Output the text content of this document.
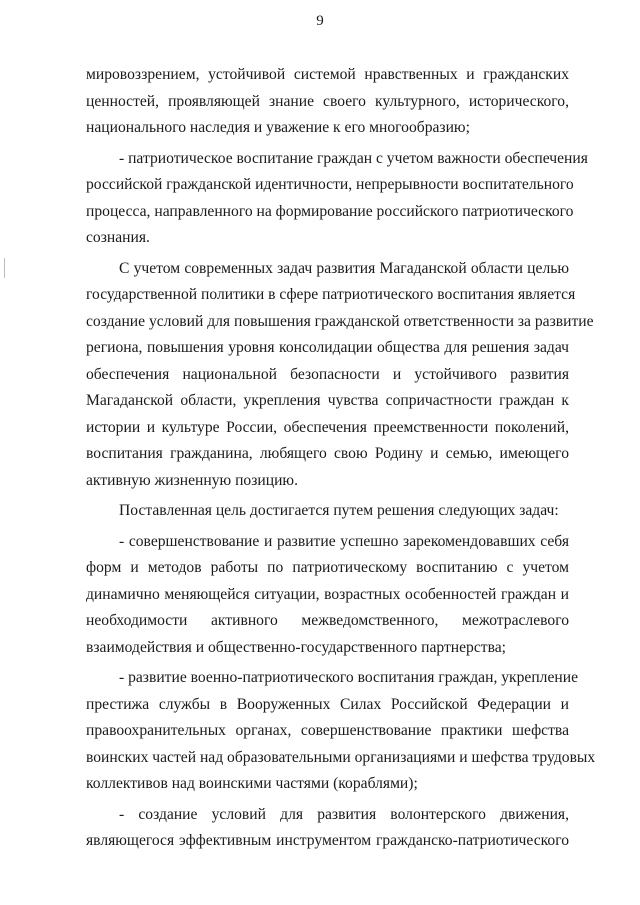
9
мировоззрением, устойчивой системой нравственных и гражданских
ценностей, проявляющей знание своего культурного, исторического,
национального наследия и уважение к его многообразию;
- патриотическое воспитание граждан с учетом важности обеспечения
российской гражданской идентичности, непрерывности воспитательного
процесса, направленного на формирование российского патриотического
сознания.
С учетом современных задач развития Магаданской области целью
государственной политики в сфере патриотического воспитания является
создание условий для повышения гражданской ответственности за развитие
региона, повышения уровня консолидации общества для решения задач
обеспечения национальной безопасности и устойчивого развития
Магаданской области, укрепления чувства сопричастности граждан к
истории и культуре России, обеспечения преемственности поколений,
воспитания гражданина, любящего свою Родину и семью, имеющего
активную жизненную позицию.
Поставленная цель достигается путем решения следующих задач:
- совершенствование и развитие успешно зарекомендовавших себя
форм и методов работы по патриотическому воспитанию с учетом
динамично меняющейся ситуации, возрастных особенностей граждан и
необходимости активного межведомственного, межотраслевого
взаимодействия и общественно-государственного партнерства;
- развитие военно-патриотического воспитания граждан, укрепление
престижа службы в Вооруженных Силах Российской Федерации и
правоохранительных органах, совершенствование практики шефства
воинских частей над образовательными организациями и шефства трудовых
коллективов над воинскими частями (кораблями);
- создание условий для развития волонтерского движения,
являющегося эффективным инструментом гражданско-патриотического
